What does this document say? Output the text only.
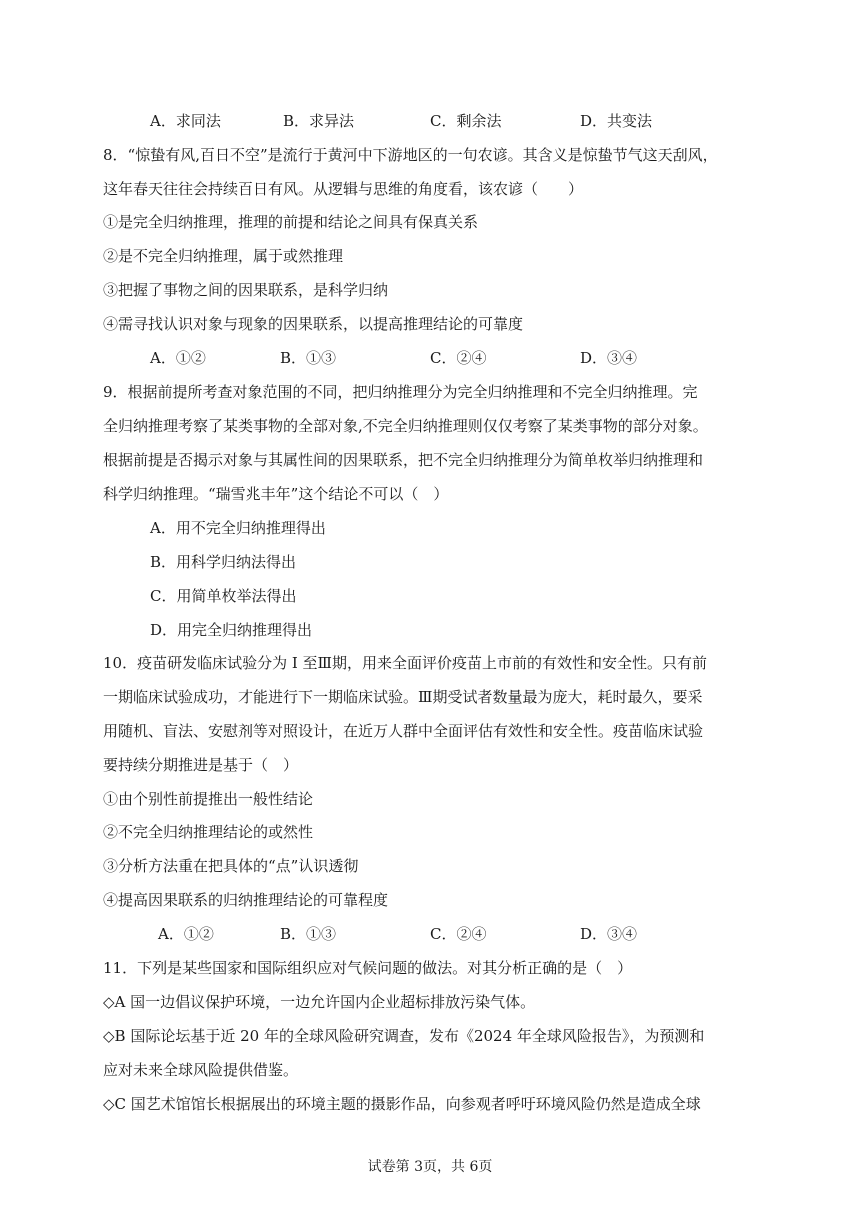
A．求同法	B．求异法	C．剩余法	D．共变法
8．“惊蛰有风,百日不空”是流行于黄河中下游地区的一句农谚。其含义是惊蛰节气这天刮风，
这年春天往往会持续百日有风。从逻辑与思维的角度看，该农谚（　　）
①是完全归纳推理，推理的前提和结论之间具有保真关系
②是不完全归纳推理，属于或然推理
③把握了事物之间的因果联系，是科学归纳
④需寻找认识对象与现象的因果联系，以提高推理结论的可靠度
A．①②	B．①③	C．②④	D．③④
9．根据前提所考查对象范围的不同，把归纳推理分为完全归纳推理和不完全归纳推理。完
全归纳推理考察了某类事物的全部对象,不完全归纳推理则仅仅考察了某类事物的部分对象。
根据前提是否揭示对象与其属性间的因果联系，把不完全归纳推理分为简单枚举归纳推理和
科学归纳推理。“瑞雪兆丰年”这个结论不可以（　）
A．用不完全归纳推理得出
B．用科学归纳法得出
C．用简单枚举法得出
D．用完全归纳推理得出
10．疫苗研发临床试验分为 I 至Ⅲ期，用来全面评价疫苗上市前的有效性和安全性。只有前
一期临床试验成功，才能进行下一期临床试验。Ⅲ期受试者数量最为庞大，耗时最久，要采
用随机、盲法、安慰剂等对照设计，在近万人群中全面评估有效性和安全性。疫苗临床试验
要持续分期推进是基于（　）
①由个别性前提推出一般性结论
②不完全归纳推理结论的或然性
③分析方法重在把具体的“点”认识透彻
④提高因果联系的归纳推理结论的可靠程度
A．①②	B．①③	C．②④	D．③④
11．下列是某些国家和国际组织应对气候问题的做法。对其分析正确的是（　）
◇A 国一边倡议保护环境，一边允许国内企业超标排放污染气体。
◇B 国际论坛基于近 20 年的全球风险研究调查，发布《2024 年全球风险报告》，为预测和
应对未来全球风险提供借鉴。
◇C 国艺术馆馆长根据展出的环境主题的摄影作品，向参观者呼吁环境风险仍然是造成全球
试卷第 3页，共 6页
